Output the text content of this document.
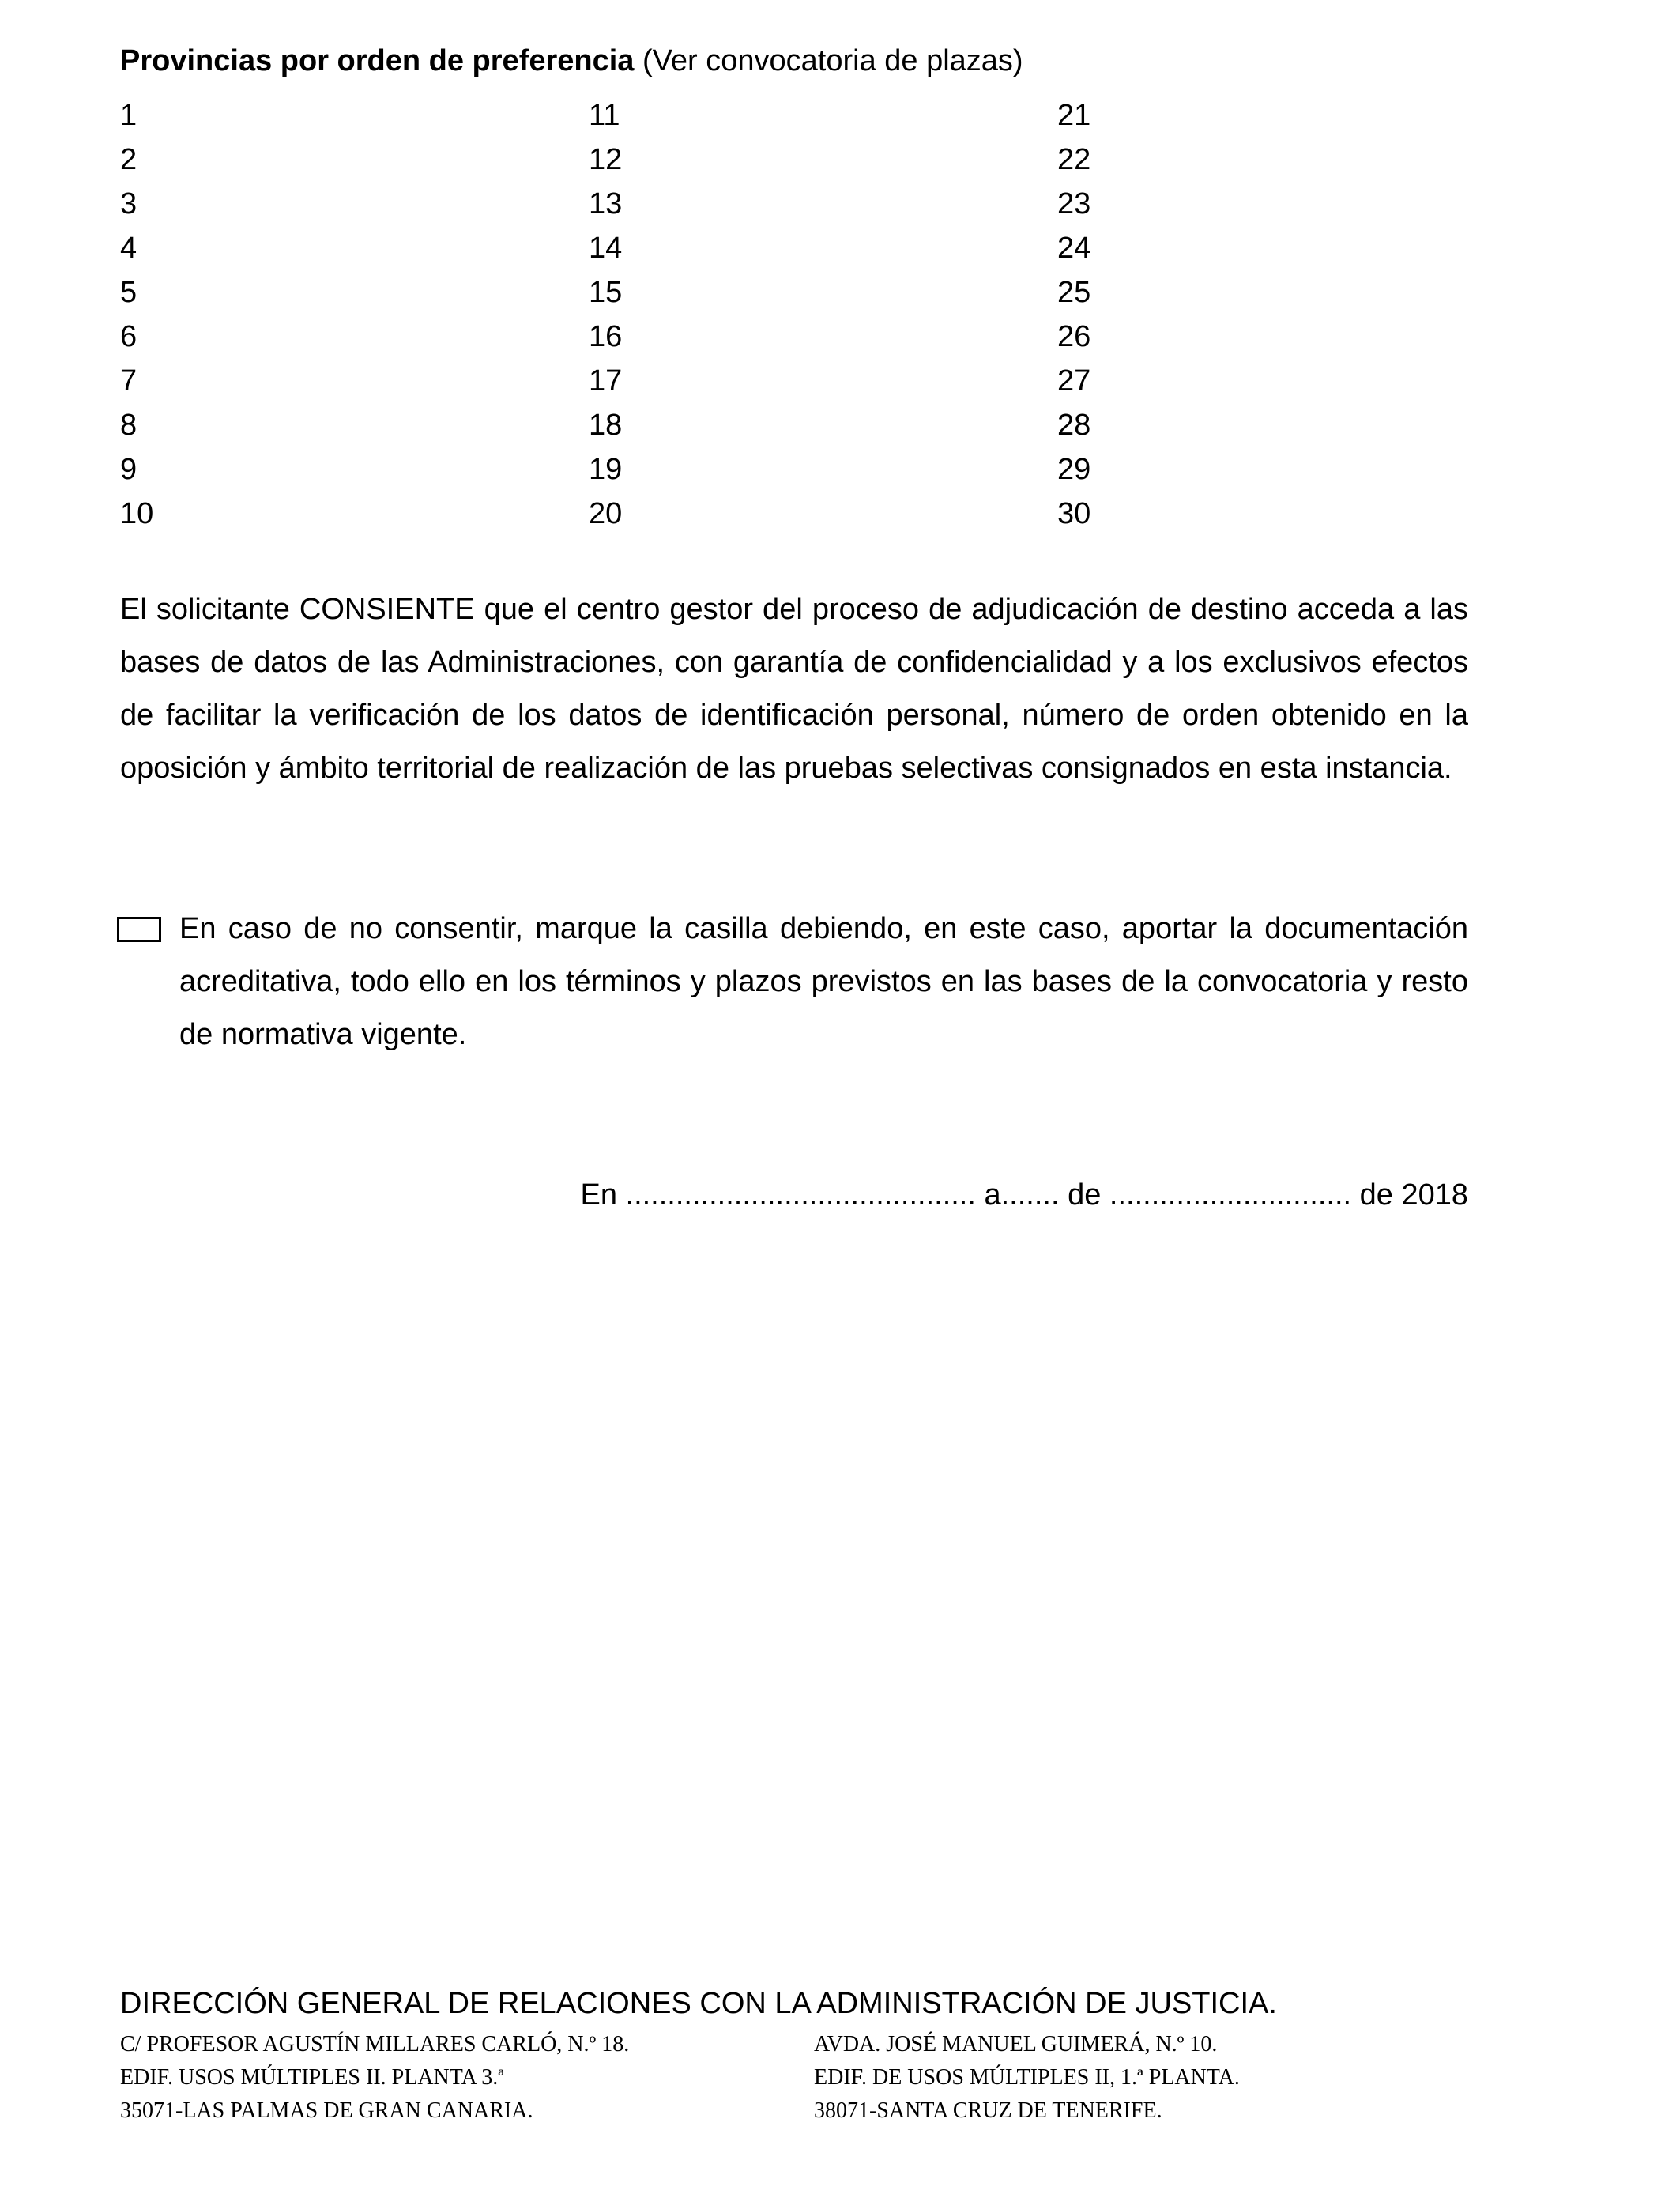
Provincias por orden de preferencia (Ver convocatoria de plazas)
1
2
3
4
5
6
7
8
9
10
11
12
13
14
15
16
17
18
19
20
21
22
23
24
25
26
27
28
29
30
El solicitante CONSIENTE que el centro gestor del proceso de adjudicación de destino acceda a las bases de datos de las Administraciones, con garantía de confidencialidad y a los exclusivos efectos de facilitar la verificación de los datos de identificación personal, número de orden obtenido en la oposición y ámbito territorial de realización de las pruebas selectivas consignados en esta instancia.
En caso de no consentir, marque la casilla debiendo, en este caso, aportar la documentación acreditativa, todo ello en los términos y plazos previstos en las bases de la convocatoria y resto de normativa vigente.
En .......................................... a....... de ............................. de 2018
DIRECCIÓN GENERAL DE RELACIONES CON LA ADMINISTRACIÓN DE JUSTICIA.
C/ PROFESOR AGUSTÍN MILLARES CARLÓ, N.º 18.
EDIF. USOS MÚLTIPLES II. PLANTA 3.ª
35071-LAS PALMAS DE GRAN CANARIA.
AVDA. JOSÉ MANUEL GUIMERÁ, N.º 10.
EDIF. DE USOS MÚLTIPLES II, 1.ª PLANTA.
38071-SANTA CRUZ DE TENERIFE.
